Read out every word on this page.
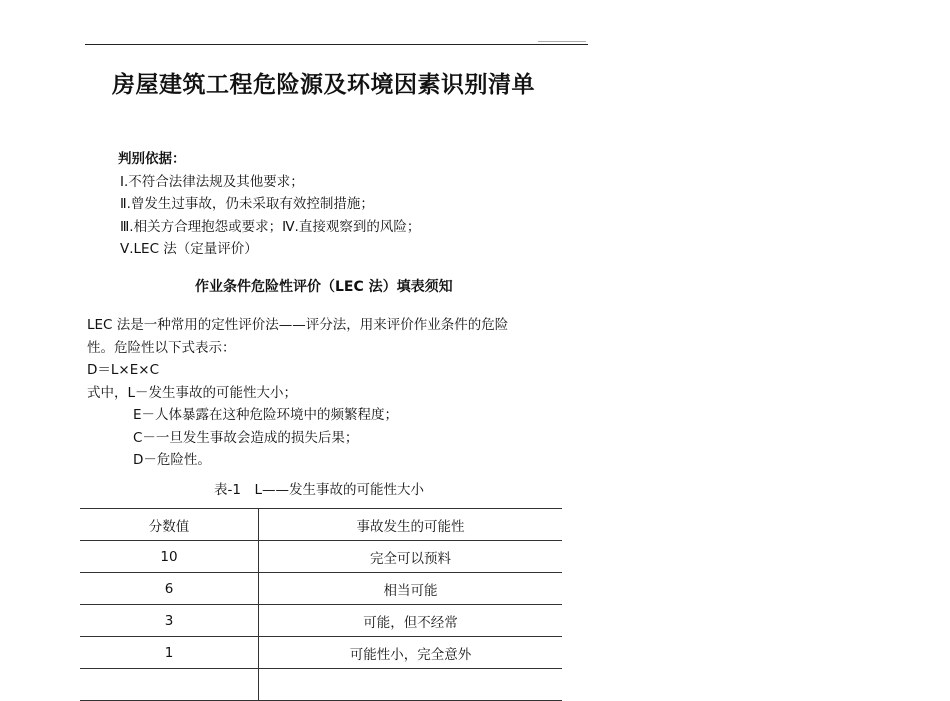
房屋建筑工程危险源及环境因素识别清单
判别依据：
Ⅰ.不符合法律法规及其他要求；
Ⅱ.曾发生过事故，仍未采取有效控制措施；
Ⅲ.相关方合理抱怨或要求；Ⅳ.直接观察到的风险；
Ⅴ.LEC 法（定量评价）
作业条件危险性评价（LEC 法）填表须知
LEC 法是一种常用的定性评价法——评分法，用来评价作业条件的危险
性。危险性以下式表示：
D＝L×E×C
式中，L－发生事故的可能性大小；
E－人体暴露在这种危险环境中的频繁程度；
C－一旦发生事故会造成的损失后果；
D－危险性。
表-1　L——发生事故的可能性大小
分数值	事故发生的可能性
10	完全可以预料
6	相当可能
3	可能，但不经常
1	可能性小，完全意外
